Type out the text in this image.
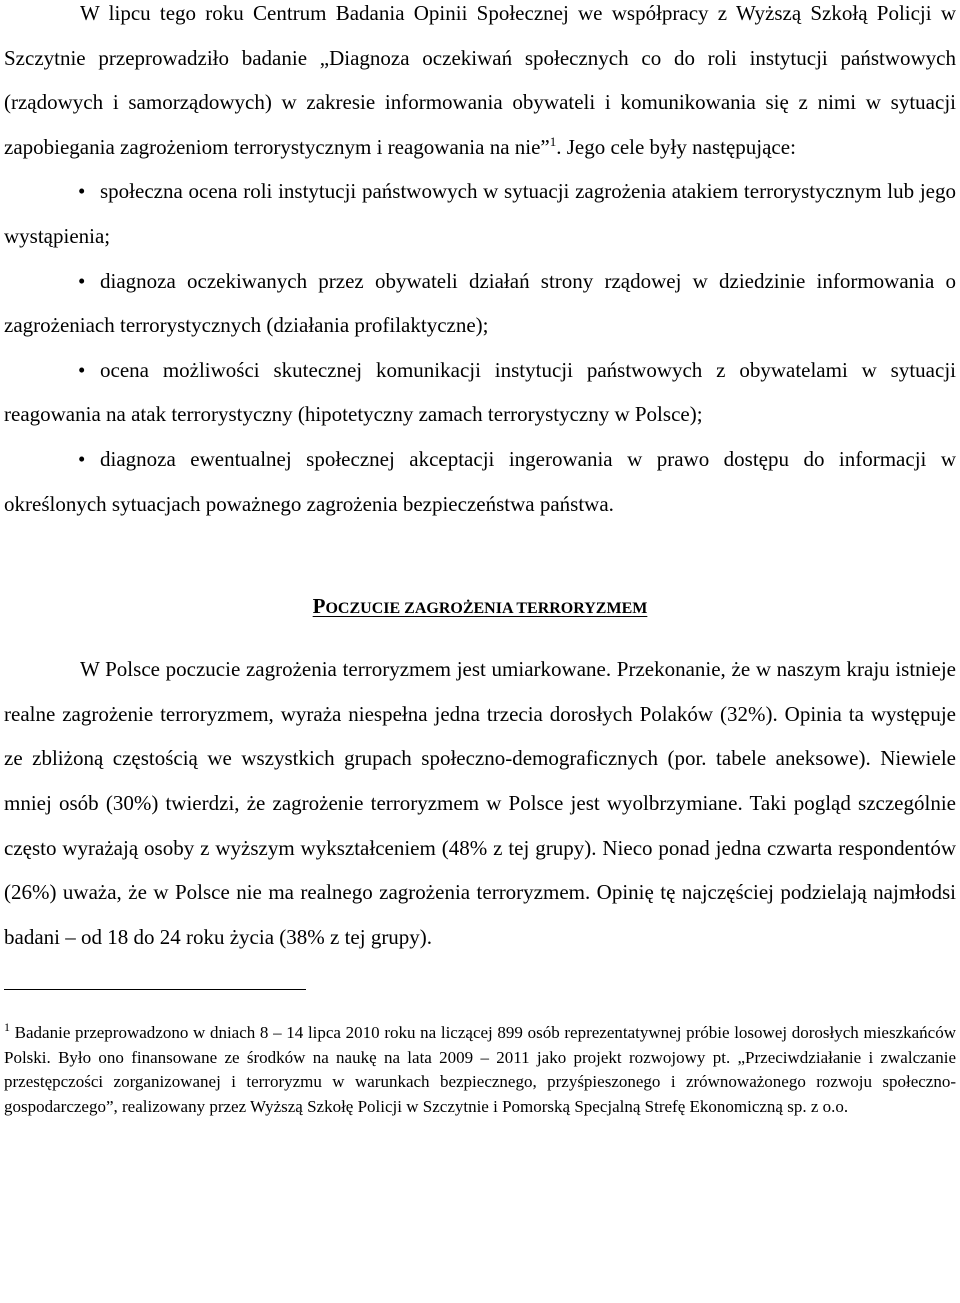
W lipcu tego roku Centrum Badania Opinii Społecznej we współpracy z Wyższą Szkołą Policji w Szczytnie przeprowadziło badanie „Diagnoza oczekiwań społecznych co do roli instytucji państwowych (rządowych i samorządowych) w zakresie informowania obywateli i komunikowania się z nimi w sytuacji zapobiegania zagrożeniom terrorystycznym i reagowania na nie”$^1$. Jego cele były następujące:

• społeczna ocena roli instytucji państwowych w sytuacji zagrożenia atakiem terrorystycznym lub jego wystąpienia;

• diagnoza oczekiwanych przez obywateli działań strony rządowej w dziedzinie informowania o zagrożeniach terrorystycznych (działania profilaktyczne);

• ocena możliwości skutecznej komunikacji instytucji państwowych z obywatelami w sytuacji reagowania na atak terrorystyczny (hipotetyczny zamach terrorystyczny w Polsce);

• diagnoza ewentualnej społecznej akceptacji ingerowania w prawo dostępu do informacji w określonych sytuacjach poważnego zagrożenia bezpieczeństwa państwa.

POCZUCIE ZAGROŻENIA TERRORYZMEM

W Polsce poczucie zagrożenia terroryzmem jest umiarkowane. Przekonanie, że w naszym kraju istnieje realne zagrożenie terroryzmem, wyraża niespełna jedna trzecia dorosłych Polaków (32%). Opinia ta występuje ze zbliżoną częstością we wszystkich grupach społeczno-demograficznych (por. tabele aneksowe). Niewiele mniej osób (30%) twierdzi, że zagrożenie terroryzmem w Polsce jest wyolbrzymiane. Taki pogląd szczególnie często wyrażają osoby z wyższym wykształceniem (48% z tej grupy). Nieco ponad jedna czwarta respondentów (26%) uważa, że w Polsce nie ma realnego zagrożenia terroryzmem. Opinię tę najczęściej podzielają najmłodsi badani – od 18 do 24 roku życia (38% z tej grupy).

$^1$ Badanie przeprowadzono w dniach 8 – 14 lipca 2010 roku na liczącej 899 osób reprezentatywnej próbie losowej dorosłych mieszkańców Polski. Było ono finansowane ze środków na naukę na lata 2009 – 2011 jako projekt rozwojowy pt. „Przeciwdziałanie i zwalczanie przestępczości zorganizowanej i terroryzmu w warunkach bezpiecznego, przyśpieszonego i zrównoważonego rozwoju społeczno-gospodarczego”, realizowany przez Wyższą Szkołę Policji w Szczytnie i Pomorską Specjalną Strefę Ekonomiczną sp. z o.o.
